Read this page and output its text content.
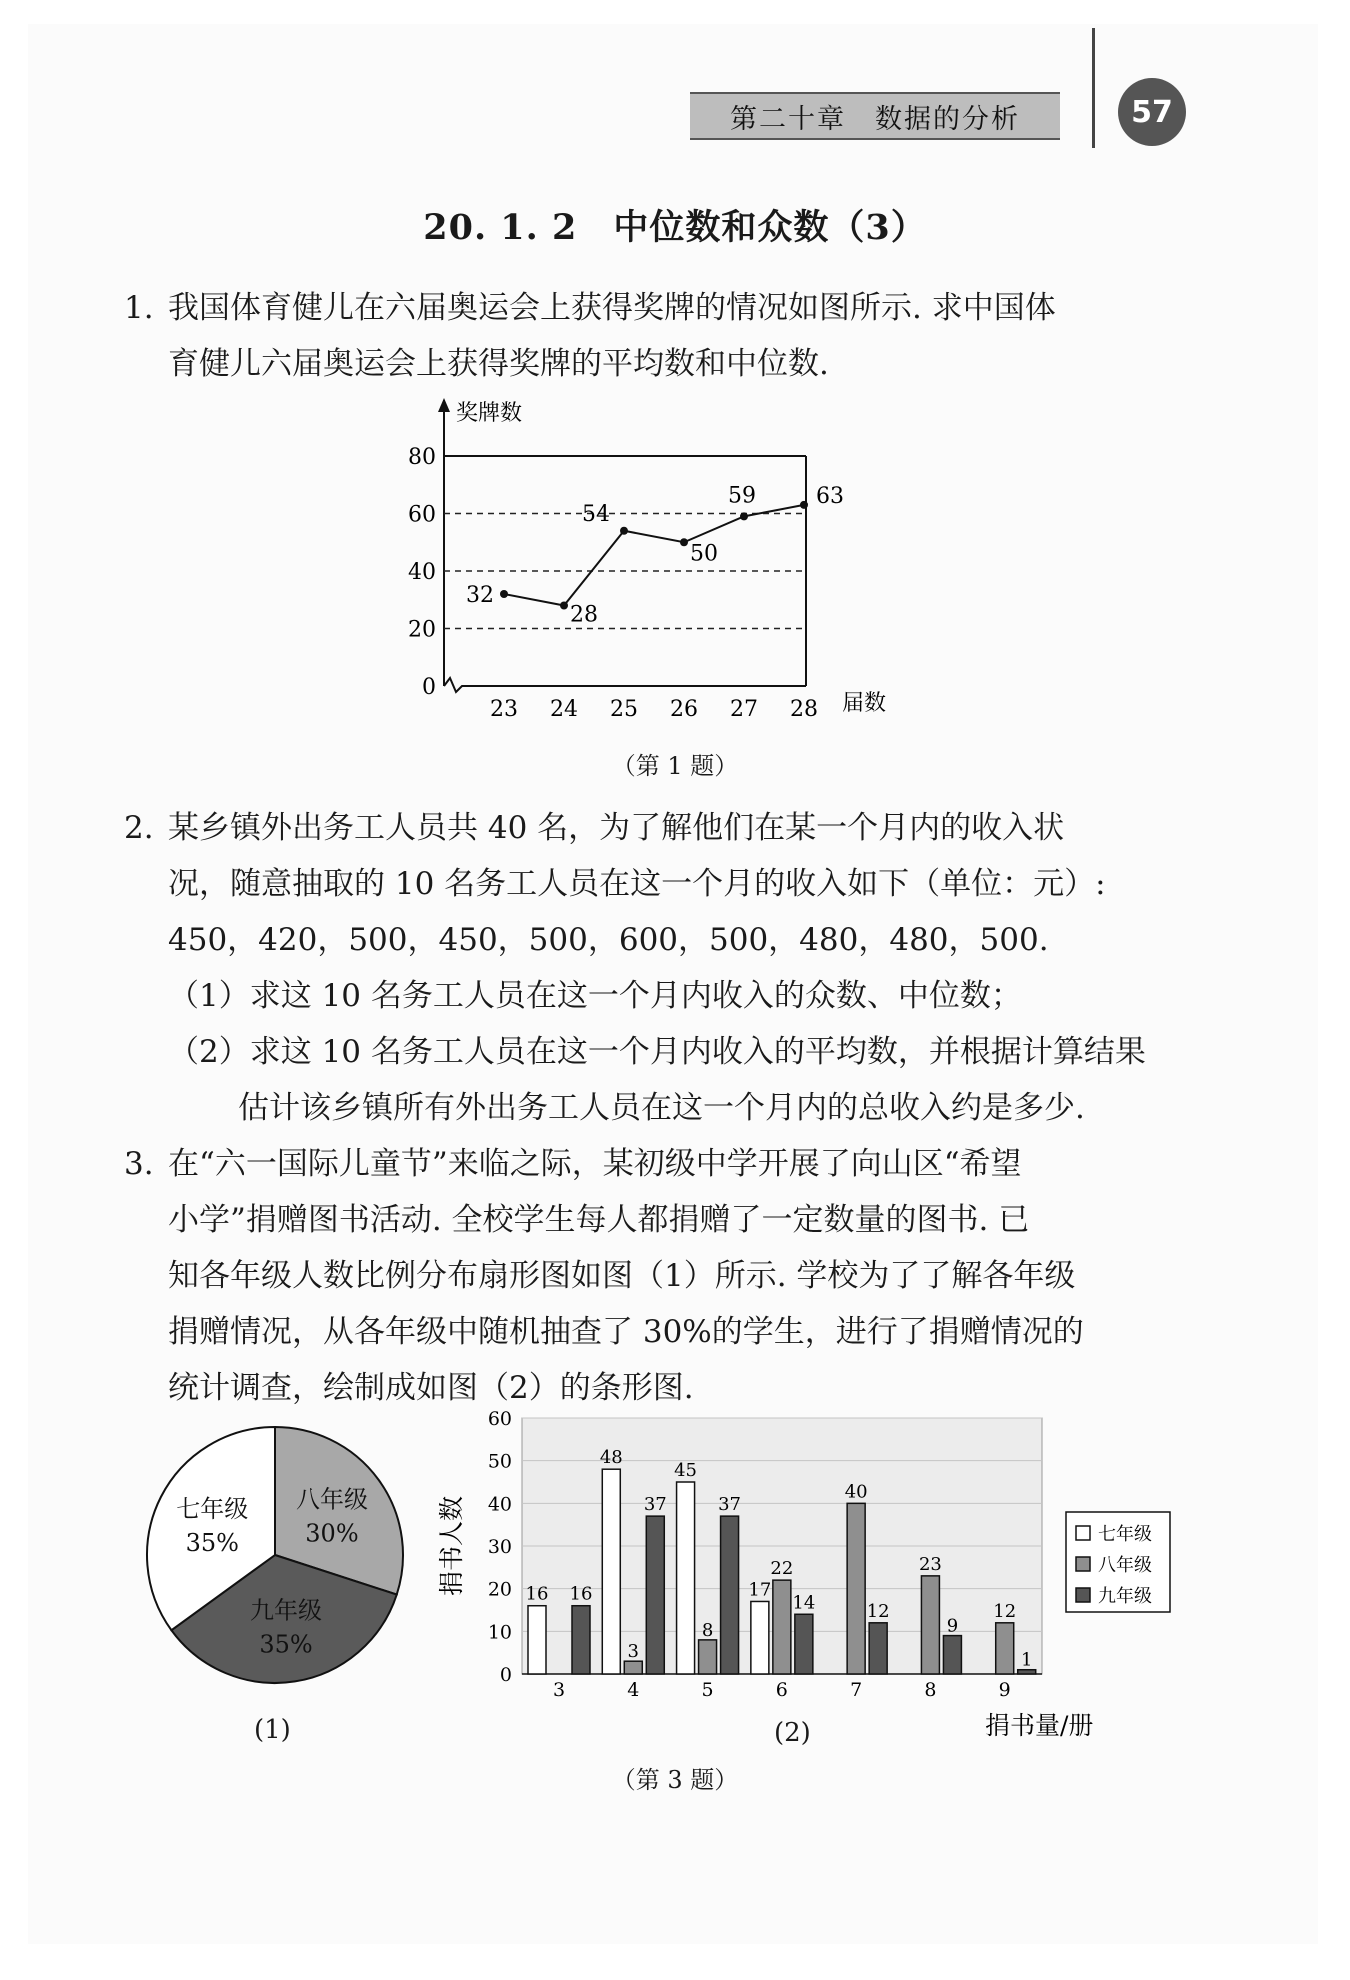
第二十章　数据的分析	57
20. 1. 2　中位数和众数（3）
1. 我国体育健儿在六届奥运会上获得奖牌的情况如图所示. 求中国体
育健儿六届奥运会上获得奖牌的平均数和中位数.
奖牌数
届数
0
20
40
60
80
23 24 25 26 27 28
32
28
54
50
59	63
（第 1 题）
2. 某乡镇外出务工人员共 40 名，为了解他们在某一个月内的收入状
况，随意抽取的 10 名务工人员在这一个月的收入如下（单位：元）:
450，420，500，450，500，600，500，480，480，500.
（1）求这 10 名务工人员在这一个月内收入的众数、中位数；
（2）求这 10 名务工人员在这一个月内收入的平均数，并根据计算结果
估计该乡镇所有外出务工人员在这一个月内的总收入约是多少.
3. 在“六一国际儿童节”来临之际，某初级中学开展了向山区“希望
小学”捐赠图书活动. 全校学生每人都捐赠了一定数量的图书. 已
知各年级人数比例分布扇形图如图（1）所示. 学校为了了解各年级
捐赠情况，从各年级中随机抽查了 30%的学生，进行了捐赠情况的
统计调查，绘制成如图（2）的条形图.
七年级
35%
八年级
30%
九年级
35%
(1)
0
10
20
30
40
50
60
捐书人数
捐书量/册
3
16 16
4
48
3
37
5
45
8
37
6
17
22
14
7
40
12
8
23
9
9
12
1
七年级
八年级
九年级
(2)
（第 3 题）
